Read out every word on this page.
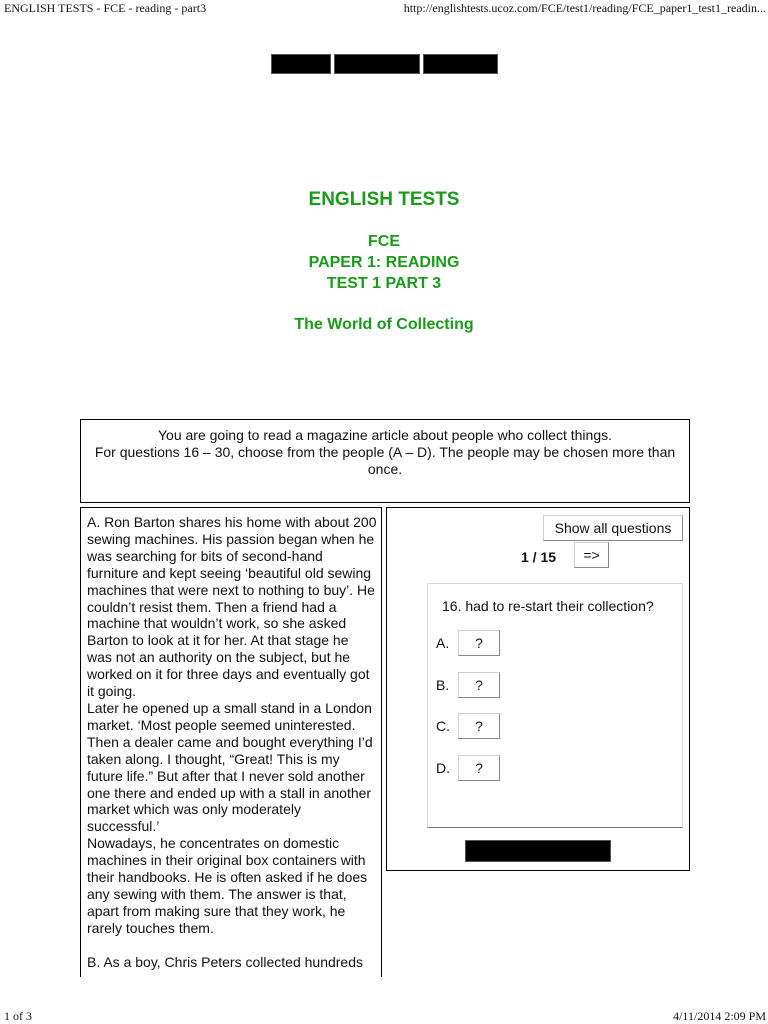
ENGLISH TESTS - FCE - reading - part3	http://englishtests.ucoz.com/FCE/test1/reading/FCE_paper1_test1_readin...
ENGLISH TESTS
FCE
PAPER 1: READING
TEST 1 PART 3
The World of Collecting
You are going to read a magazine article about people who collect things.
For questions 16 – 30, choose from the people (A – D). The people may be chosen more than once.

A. Ron Barton shares his home with about 200 sewing machines. His passion began when he was searching for bits of second-hand furniture and kept seeing ‘beautiful old sewing machines that were next to nothing to buy’. He couldn’t resist them. Then a friend had a machine that wouldn’t work, so she asked Barton to look at it for her. At that stage he was not an authority on the subject, but he worked on it for three days and eventually got it going.

Later he opened up a small stand in a London market. ‘Most people seemed uninterested. Then a dealer came and bought everything I’d taken along. I thought, “Great! This is my future life.” But after that I never sold another one there and ended up with a stall in another market which was only moderately successful.’

Nowadays, he concentrates on domestic machines in their original box containers with their handbooks. He is often asked if he does any sewing with them. The answer is that, apart from making sure that they work, he rarely touches them.

B. As a boy, Chris Peters collected hundreds

Show all questions
1 / 15	=>
16. had to re-start their collection?
A.	?
B.	?
C.	?
D.	?
1 of 3	4/11/2014 2:09 PM
